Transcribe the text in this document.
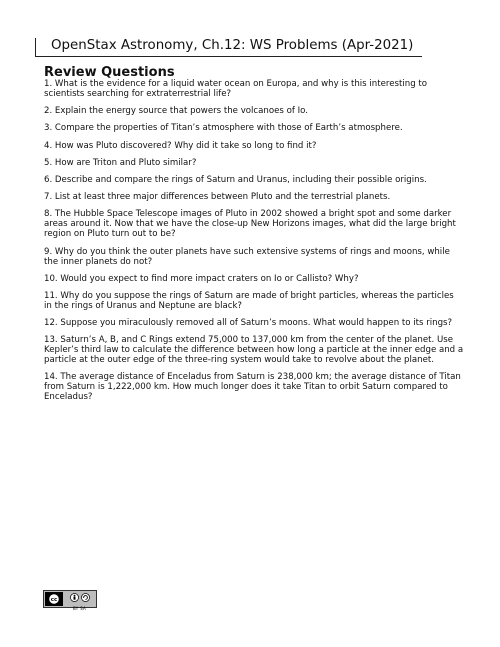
OpenStax Astronomy, Ch.12: WS Problems (Apr-2021)
Review Questions
1. What is the evidence for a liquid water ocean on Europa, and why is this interesting to scientists searching for extraterrestrial life?
2. Explain the energy source that powers the volcanoes of Io.
3. Compare the properties of Titan’s atmosphere with those of Earth’s atmosphere.
4. How was Pluto discovered? Why did it take so long to find it?
5. How are Triton and Pluto similar?
6. Describe and compare the rings of Saturn and Uranus, including their possible origins.
7. List at least three major differences between Pluto and the terrestrial planets.
8. The Hubble Space Telescope images of Pluto in 2002 showed a bright spot and some darker areas around it. Now that we have the close-up New Horizons images, what did the large bright region on Pluto turn out to be?
9. Why do you think the outer planets have such extensive systems of rings and moons, while the inner planets do not?
10. Would you expect to find more impact craters on Io or Callisto? Why?
11. Why do you suppose the rings of Saturn are made of bright particles, whereas the particles in the rings of Uranus and Neptune are black?
12. Suppose you miraculously removed all of Saturn’s moons. What would happen to its rings?
13. Saturn’s A, B, and C Rings extend 75,000 to 137,000 km from the center of the planet. Use Kepler’s third law to calculate the difference between how long a particle at the inner edge and a particle at the outer edge of the three-ring system would take to revolve about the planet.
14. The average distance of Enceladus from Saturn is 238,000 km; the average distance of Titan from Saturn is 1,222,000 km. How much longer does it take Titan to orbit Saturn compared to Enceladus?
cc
BY SA
